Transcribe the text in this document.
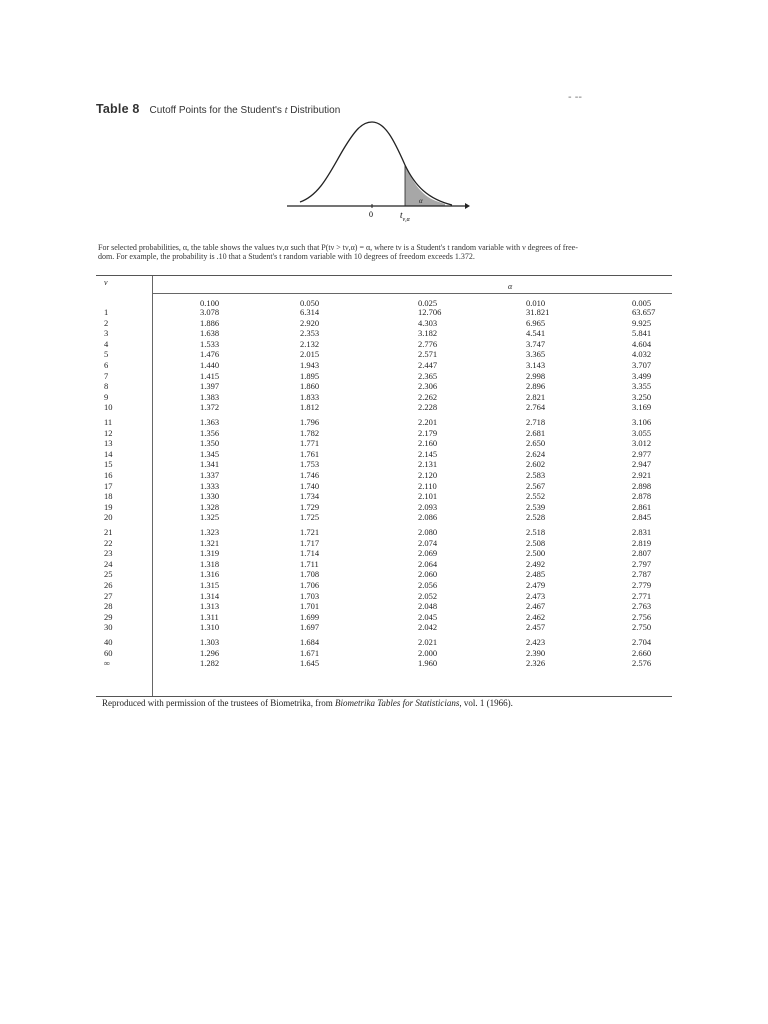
- --
Table 8 Cutoff Points for the Student's t Distribution
0	$t_{\nu,\alpha}$
α
For selected probabilities, α, the table shows the values tν,α such that P(tν > tν,α) = α, where tν is a Student's t random variable with ν degrees of free-
dom. For example, the probability is .10 that a Student's t random variable with 10 degrees of freedom exceeds 1.372.
ν	α
0.100	0.050	0.025	0.010	0.005
1	3.078	6.314	12.706	31.821	63.657
2	1.886	2.920	4.303	6.965	9.925
3	1.638	2.353	3.182	4.541	5.841
4	1.533	2.132	2.776	3.747	4.604
5	1.476	2.015	2.571	3.365	4.032
6	1.440	1.943	2.447	3.143	3.707
7	1.415	1.895	2.365	2.998	3.499
8	1.397	1.860	2.306	2.896	3.355
9	1.383	1.833	2.262	2.821	3.250
10	1.372	1.812	2.228	2.764	3.169
11	1.363	1.796	2.201	2.718	3.106
12	1.356	1.782	2.179	2.681	3.055
13	1.350	1.771	2.160	2.650	3.012
14	1.345	1.761	2.145	2.624	2.977
15	1.341	1.753	2.131	2.602	2.947
16	1.337	1.746	2.120	2.583	2.921
17	1.333	1.740	2.110	2.567	2.898
18	1.330	1.734	2.101	2.552	2.878
19	1.328	1.729	2.093	2.539	2.861
20	1.325	1.725	2.086	2.528	2.845
21	1.323	1.721	2.080	2.518	2.831
22	1.321	1.717	2.074	2.508	2.819
23	1.319	1.714	2.069	2.500	2.807
24	1.318	1.711	2.064	2.492	2.797
25	1.316	1.708	2.060	2.485	2.787
26	1.315	1.706	2.056	2.479	2.779
27	1.314	1.703	2.052	2.473	2.771
28	1.313	1.701	2.048	2.467	2.763
29	1.311	1.699	2.045	2.462	2.756
30	1.310	1.697	2.042	2.457	2.750
40	1.303	1.684	2.021	2.423	2.704
60	1.296	1.671	2.000	2.390	2.660
∞	1.282	1.645	1.960	2.326	2.576
Reproduced with permission of the trustees of Biometrika, from Biometrika Tables for Statisticians, vol. 1 (1966).
